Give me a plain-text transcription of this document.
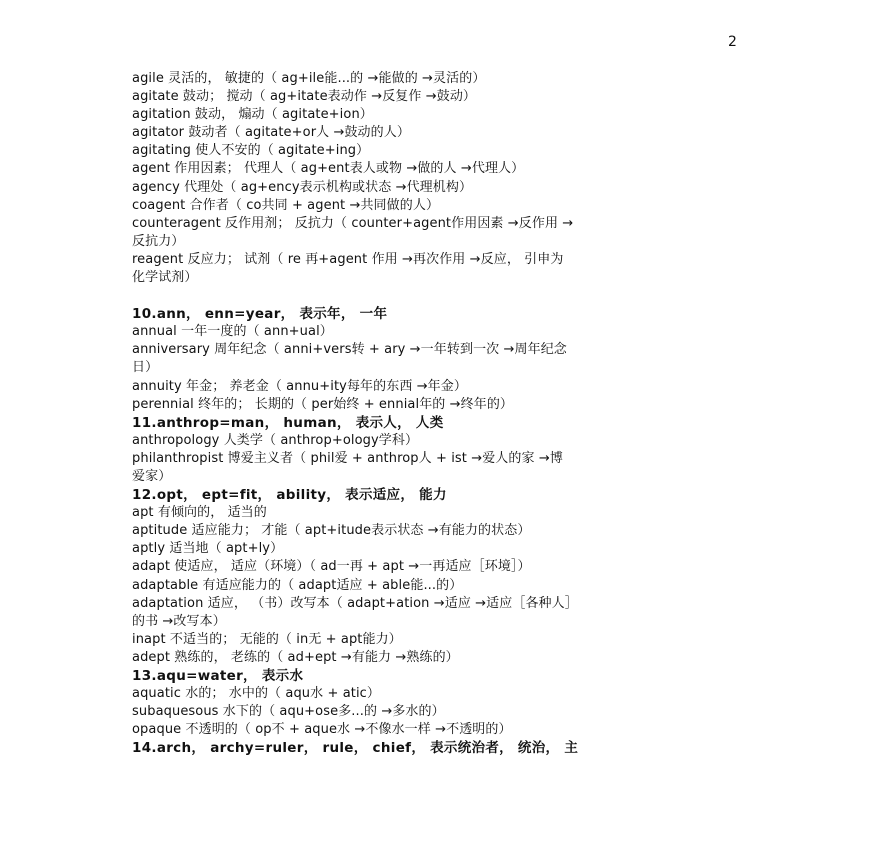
2
agile 灵活的， 敏捷的（ ag+ile能...的 →能做的 →灵活的）
agitate 鼓动； 搅动（ ag+itate表动作 →反复作 →鼓动）
agitation 鼓动， 煽动（ agitate+ion）
agitator 鼓动者（ agitate+or人 →鼓动的人）
agitating 使人不安的（ agitate+ing）
agent 作用因素； 代理人（ ag+ent表人或物 →做的人 →代理人）
agency 代理处（ ag+ency表示机构或状态 →代理机构）
coagent 合作者（ co共同 + agent →共同做的人）
counteragent 反作用剂； 反抗力（ counter+agent作用因素 →反作用 →
反抗力）
reagent 反应力； 试剂（ re 再+agent 作用 →再次作用 →反应， 引申为
化学试剂）
10.ann， enn=year， 表示年， 一年
annual 一年一度的（ ann+ual）
anniversary 周年纪念（ anni+vers转 + ary →一年转到一次 →周年纪念
日）
annuity 年金； 养老金（ annu+ity每年的东西 →年金）
perennial 终年的； 长期的（ per始终 + ennial年的 →终年的）
11.anthrop=man， human， 表示人， 人类
anthropology 人类学（ anthrop+ology学科）
philanthropist 博爱主义者（ phil爱 + anthrop人 + ist →爱人的家 →博
爱家）
12.opt， ept=fit， ability， 表示适应， 能力
apt 有倾向的， 适当的
aptitude 适应能力； 才能（ apt+itude表示状态 →有能力的状态）
aptly 适当地（ apt+ly）
adapt 使适应， 适应（环境）（ ad一再 + apt →一再适应［环境］）
adaptable 有适应能力的（ adapt适应 + able能...的）
adaptation 适应， （书）改写本（ adapt+ation →适应 →适应［各种人］
的书 →改写本）
inapt 不适当的； 无能的（ in无 + apt能力）
adept 熟练的， 老练的（ ad+ept →有能力 →熟练的）
13.aqu=water， 表示水
aquatic 水的； 水中的（ aqu水 + atic）
subaquesous 水下的（ aqu+ose多...的 →多水的）
opaque 不透明的（ op不 + aque水 →不像水一样 →不透明的）
14.arch， archy=ruler， rule， chief， 表示统治者， 统治， 主
